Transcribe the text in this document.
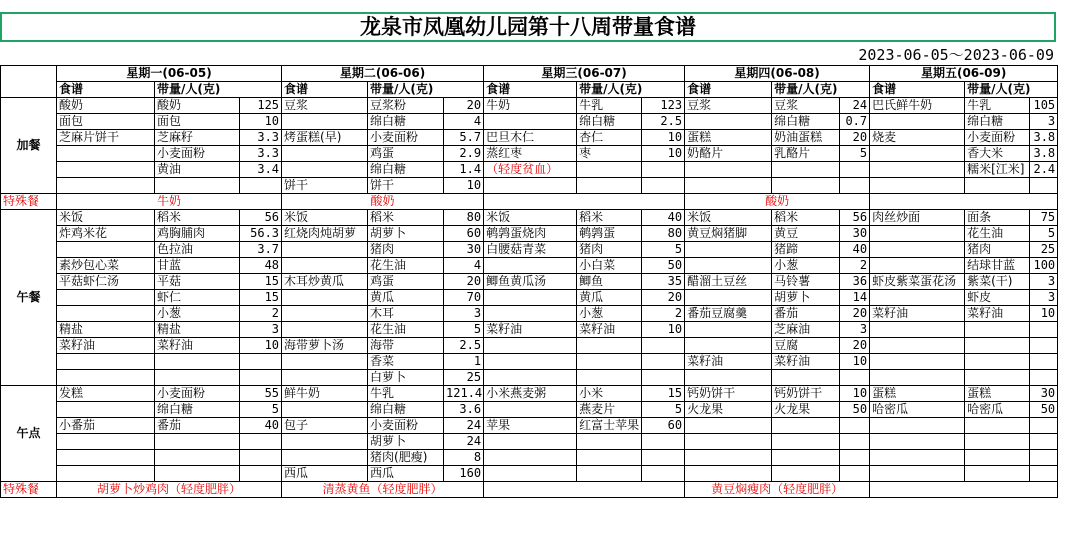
龙泉市凤凰幼儿园第十八周带量食谱
2023-06-05～2023-06-09
	星期一(06-05)			星期二(06-06)			星期三(06-07)			星期四(06-08)			星期五(06-09)		
	食谱	带量/人(克)		食谱	带量/人(克)		食谱	带量/人(克)		食谱	带量/人(克)		食谱	带量/人(克)	
加餐	酸奶	酸奶	125	豆浆	豆浆粉	20	牛奶	牛乳	123	豆浆	豆浆	24	巴氏鲜牛奶	牛乳	105
	面包	面包	10		绵白糖	4		绵白糖	2.5		绵白糖	0.7		绵白糖	3
	芝麻片饼干	芝麻籽	3.3	烤蛋糕(早)	小麦面粉	5.7	巴旦木仁	杏仁	10	蛋糕	奶油蛋糕	20	烧麦	小麦面粉	3.8
		小麦面粉	3.3		鸡蛋	2.9	蒸红枣	枣	10	奶酪片	乳酪片	5		香大米	3.8
		黄油	3.4		绵白糖	1.4	（轻度贫血）							糯米[江米]	2.4
				饼干	饼干	10									
特殊餐	牛奶			酸奶						酸奶					
午餐	米饭	稻米	56	米饭	稻米	80	米饭	稻米	40	米饭	稻米	56	肉丝炒面	面条	75
	炸鸡米花	鸡胸脯肉	56.3	红烧肉炖胡萝	胡萝卜	60	鹌鹑蛋烧肉	鹌鹑蛋	80	黄豆焖猪脚	黄豆	30		花生油	5
		色拉油	3.7		猪肉	30	白腰菇青菜	猪肉	5		猪蹄	40		猪肉	25
	素炒包心菜	甘蓝	48		花生油	4		小白菜	50		小葱	2		结球甘蓝	100
	平菇虾仁汤	平菇	15	木耳炒黄瓜	鸡蛋	20	鲫鱼黄瓜汤	鲫鱼	35	醋溜土豆丝	马铃薯	36	虾皮紫菜蛋花汤	紫菜(干)	3
		虾仁	15		黄瓜	70		黄瓜	20		胡萝卜	14		虾皮	3
		小葱	2		木耳	3		小葱	2	番茄豆腐羹	番茄	20	菜籽油	菜籽油	10
	精盐	精盐	3		花生油	5	菜籽油	菜籽油	10		芝麻油	3			
	菜籽油	菜籽油	10	海带萝卜汤	海带	2.5					豆腐	20			
					香菜	1				菜籽油	菜籽油	10			
					白萝卜	25									
午点	发糕	小麦面粉	55	鲜牛奶	牛乳	121.4	小米燕麦粥	小米	15	钙奶饼干	钙奶饼干	10	蛋糕	蛋糕	30
		绵白糖	5		绵白糖	3.6		燕麦片	5	火龙果	火龙果	50	哈密瓜	哈密瓜	50
	小番茄	番茄	40	包子	小麦面粉	24	苹果	红富士苹果	60						
					胡萝卜	24									
					猪肉(肥瘦)	8									
				西瓜	西瓜	160									
特殊餐	胡萝卜炒鸡肉（轻度肥胖）			清蒸黄鱼（轻度肥胖）						黄豆焖瘦肉（轻度肥胖）					
